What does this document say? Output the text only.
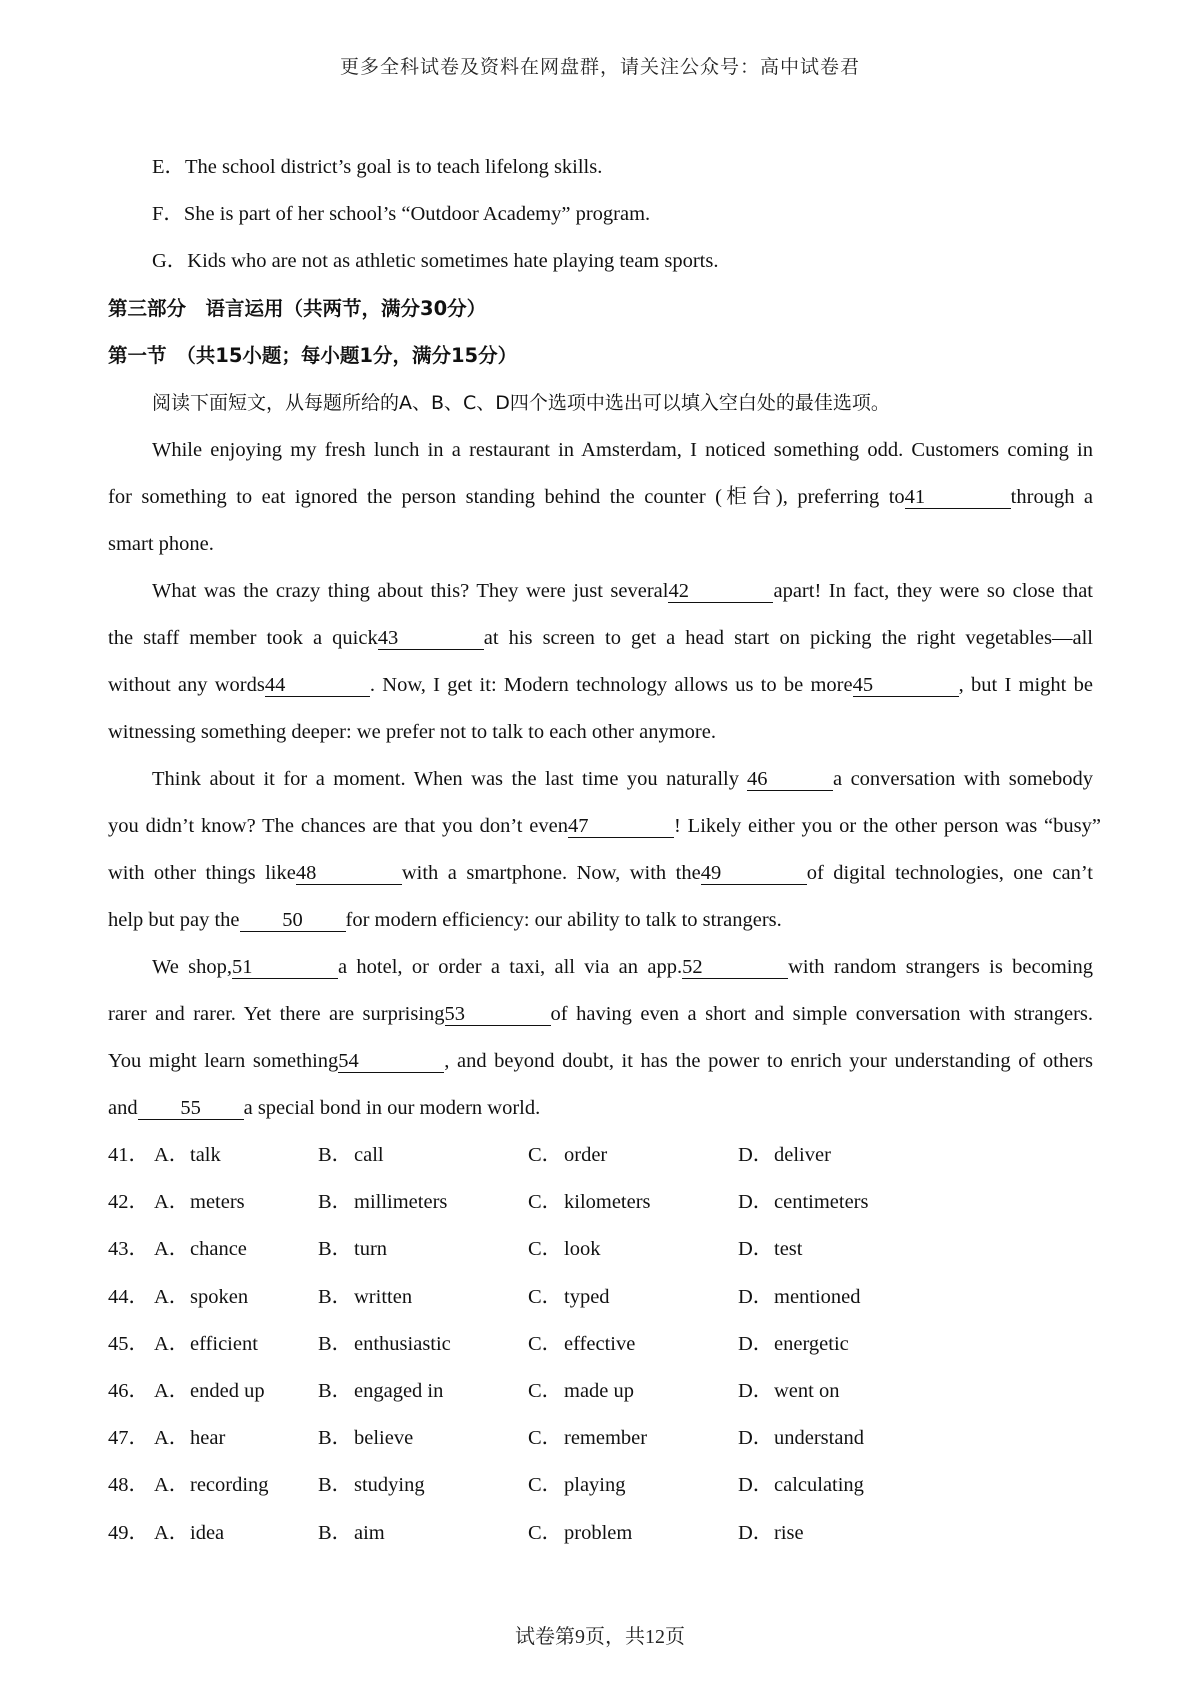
更多全科试卷及资料在网盘群，请关注公众号：高中试卷君
E．The school district’s goal is to teach lifelong skills.
F．She is part of her school’s “Outdoor Academy” program.
G．Kids who are not as athletic sometimes hate playing team sports.
第三部分　语言运用（共两节，满分30分）
第一节　（共15小题；每小题1分，满分15分）
阅读下面短文，从每题所给的A、B、C、D四个选项中选出可以填入空白处的最佳选项。
While enjoying my fresh lunch in a restaurant in Amsterdam, I noticed something odd. Customers coming in
for something to eat ignored the person standing behind the counter (柜台), preferring to41	through a
smart phone.
What was the crazy thing about this? They were just several42	apart! In fact, they were so close that
the staff member took a quick43	at his screen to get a head start on picking the right vegetables—all
without any words44	. Now, I get it: Modern technology allows us to be more45	, but I might be
witnessing something deeper: we prefer not to talk to each other anymore.
Think about it for a moment. When was the last time you naturally 46	a conversation with somebody
you didn’t know? The chances are that you don’t even47	! Likely either you or the other person was “busy”
with other things like48	with a smartphone. Now, with the49	of digital technologies, one can’t
help but pay the 50 for modern efficiency: our ability to talk to strangers.
We shop,51	a hotel, or order a taxi, all via an app.52	with random strangers is becoming
rarer and rarer. Yet there are surprising53	of having even a short and simple conversation with strangers.
You might learn something54	, and beyond doubt, it has the power to enrich your understanding of others
and 55 a special bond in our modern world.
41． A．talk	B．call	C．order	D．deliver
42． A．meters	B．millimeters	C．kilometers	D．centimeters
43． A．chance	B．turn	C．look	D．test
44． A．spoken	B．written	C．typed	D．mentioned
45． A．efficient	B．enthusiastic	C．effective	D．energetic
46． A．ended up	B．engaged in	C．made up	D．went on
47． A．hear	B．believe	C．remember	D．understand
48． A．recording B．studying	C．playing	D．calculating
49． A．idea	B．aim	C．problem	D．rise
试卷第9页，共12页
